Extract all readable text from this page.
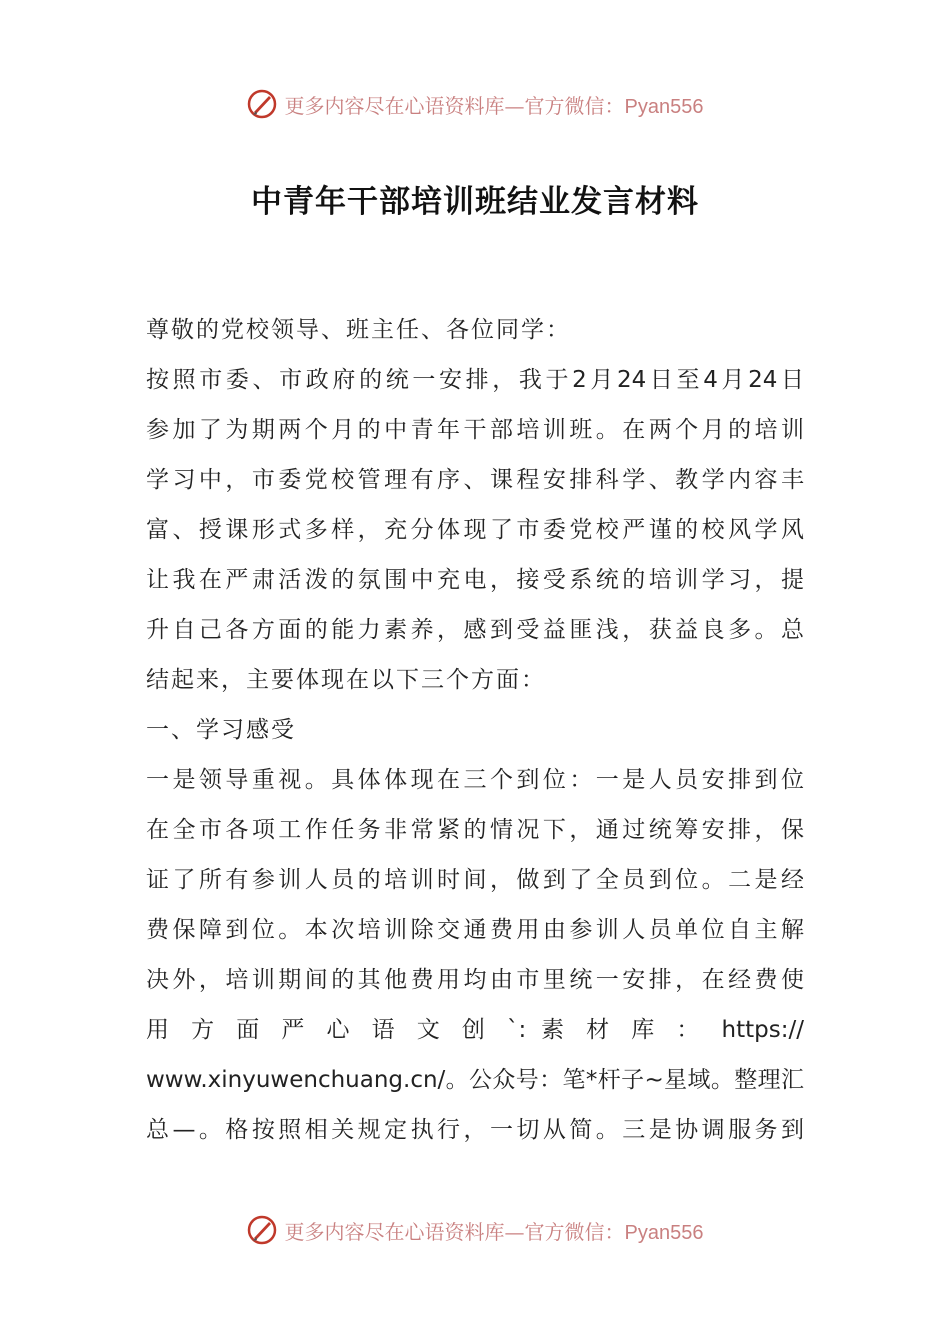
更多内容尽在心语资料库—官方微信：Pyan556
中青年干部培训班结业发言材料
尊敬的党校领导、班主任、各位同学：
按照市委、市政府的统一安排，我于2月24日至4月24日
参加了为期两个月的中青年干部培训班。在两个月的培训
学习中，市委党校管理有序、课程安排科学、教学内容丰
富、授课形式多样，充分体现了市委党校严谨的校风学风
让我在严肃活泼的氛围中充电，接受系统的培训学习，提
升自己各方面的能力素养，感到受益匪浅，获益良多。总
结起来，主要体现在以下三个方面：
一、学习感受
一是领导重视。具体体现在三个到位：一是人员安排到位
在全市各项工作任务非常紧的情况下，通过统筹安排，保
证了所有参训人员的培训时间，做到了全员到位。二是经
费保障到位。本次培训除交通费用由参训人员单位自主解
决外，培训期间的其他费用均由市里统一安排，在经费使
用 方 面 严 心 语 文 创 `: 素 材 库 ： https://
www.xinyuwenchuang.cn/。公众号：笔*杆子~星域。整理汇
总—。格按照相关规定执行，一切从简。三是协调服务到
更多内容尽在心语资料库—官方微信：Pyan556
